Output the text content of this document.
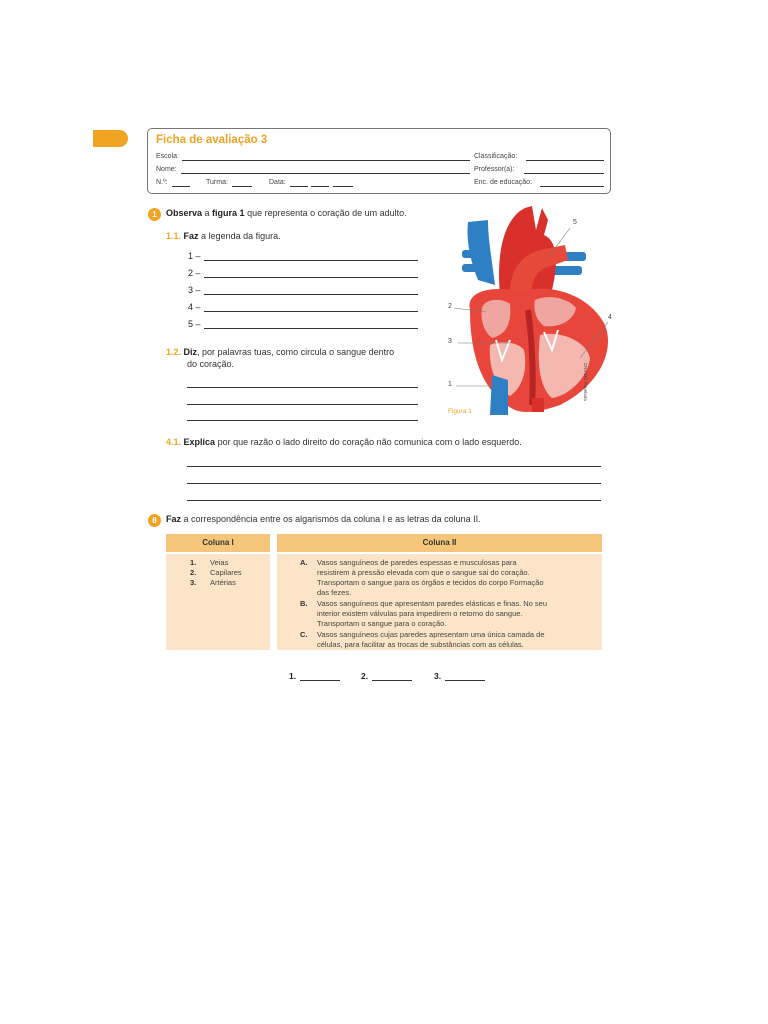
Ficha de avaliação 3
Escola:
Nome:
N.º:	Turma:	Data:
Classificação:
Professor(a):
Enc. de educação:
1	Observa a figura 1 que representa o coração de um adulto.
1.1. Faz a legenda da figura.
1 –
2 –
3 –
4 –
5 –
1.2. Diz, por palavras tuas, como circula o sangue dentro
do coração.
5
2
3
4
1
Figura 1
CRIADO Papelaria
4.1. Explica por que razão o lado direito do coração não comunica com o lado esquerdo.
8	Faz a correspondência entre os algarismos da coluna I e as letras da coluna II.
Coluna I	Coluna II
1. Veias
2. Capilares
3. Artérias
A. Vasos sanguíneos de paredes espessas e musculosas para
resistirem à pressão elevada com que o sangue sai do coração.
Transportam o sangue para os órgãos e tecidos do corpo Formação
das fezes.
B. Vasos sanguíneos que apresentam paredes elásticas e finas. No seu
interior existem válvulas para impedirem o retorno do sangue.
Transportam o sangue para o coração.
C. Vasos sanguíneos cujas paredes apresentam uma única camada de
células, para facilitar as trocas de substâncias com as células.
1.	2.	3.
